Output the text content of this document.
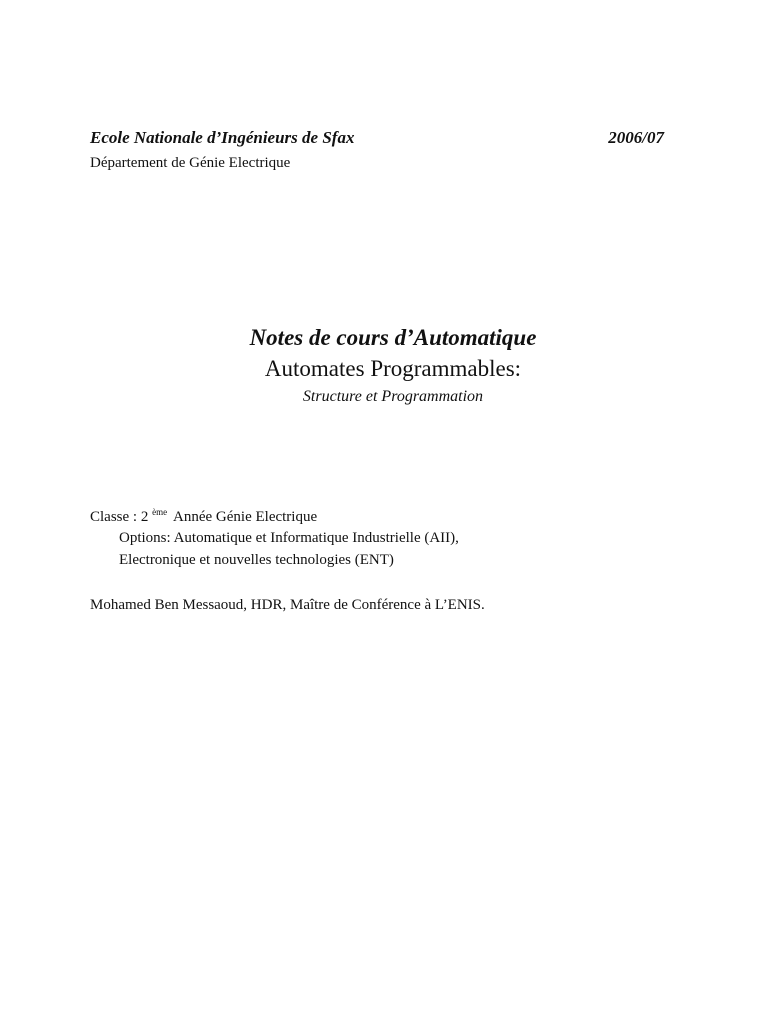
Ecole Nationale d’Ingénieurs de Sfax	2006/07
Département de Génie Electrique
Notes de cours d’Automatique
Automates Programmables:
Structure et Programmation
Classe : 2 $^{ème}$ Année Génie Electrique
Options: Automatique et Informatique Industrielle (AII),
Electronique et nouvelles technologies (ENT)
Mohamed Ben Messaoud, HDR, Maître de Conférence à L’ENIS.
